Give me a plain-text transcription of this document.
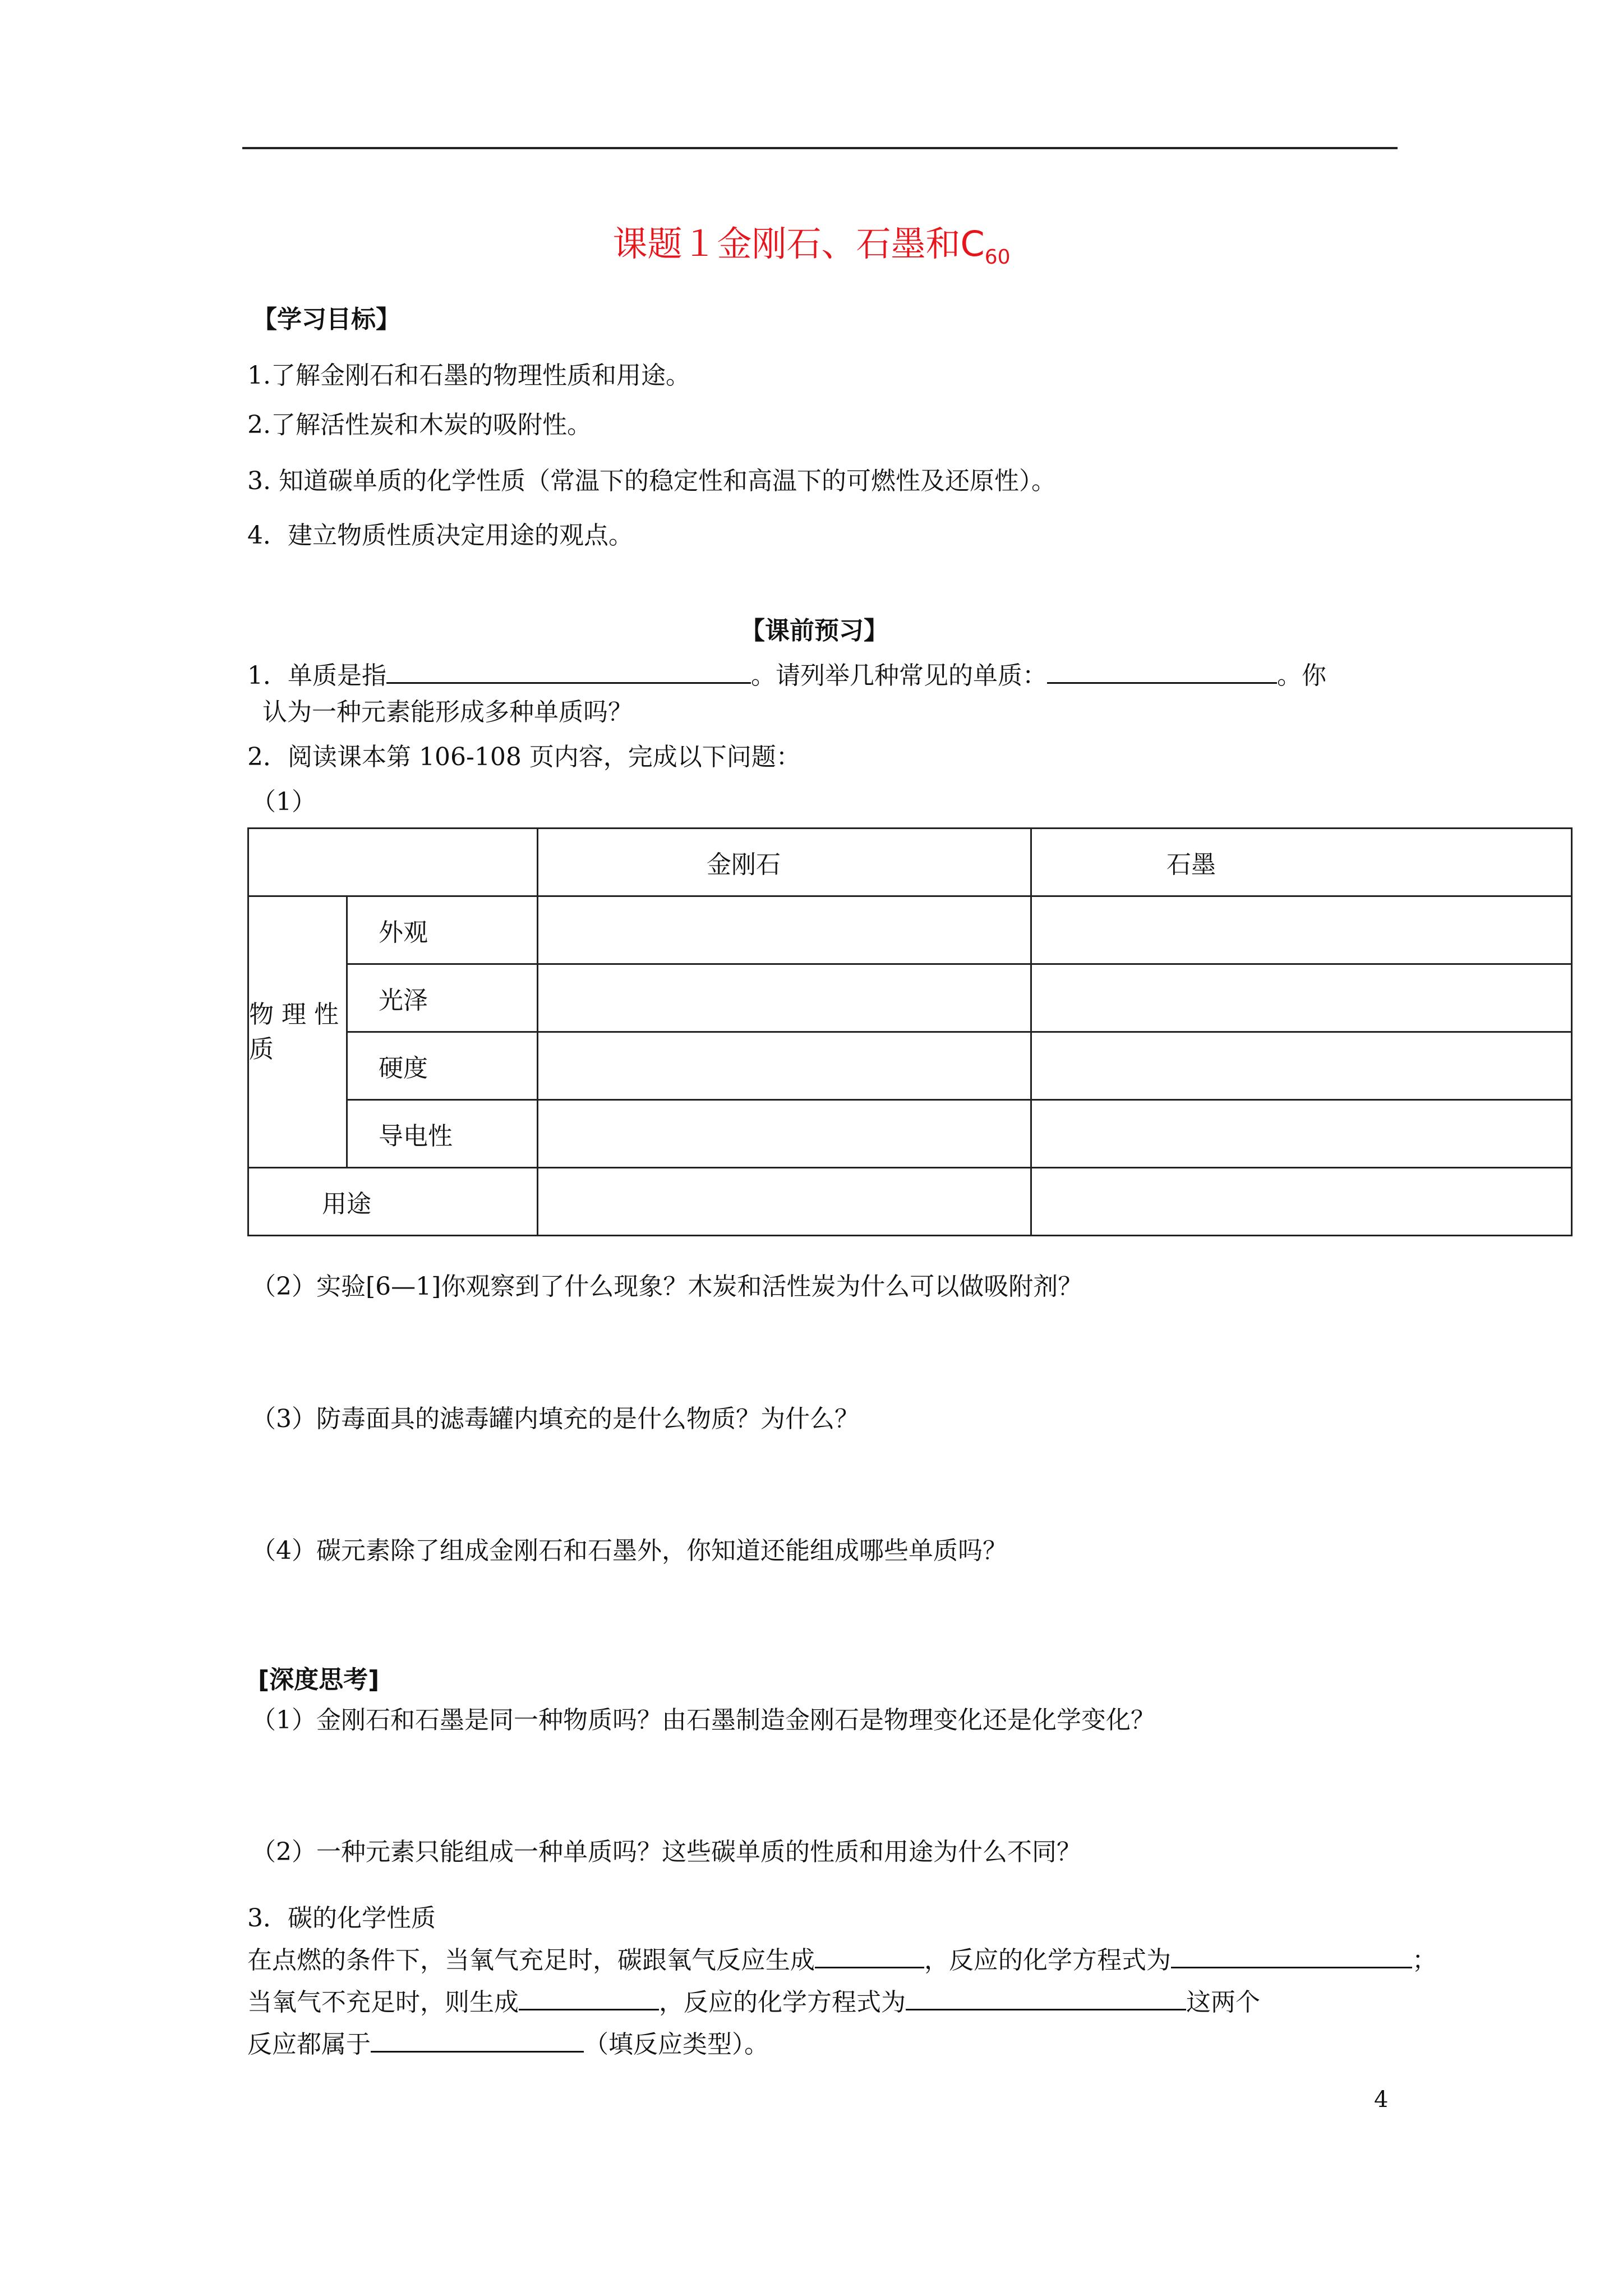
课题１金刚石、石墨和$C_{60}$
【学习目标】
1.了解金刚石和石墨的物理性质和用途。
2.了解活性炭和木炭的吸附性。
3. 知道碳单质的化学性质（常温下的稳定性和高温下的可燃性及还原性）。
4．建立物质性质决定用途的观点。
【课前预习】
1．单质是指	。请列举几种常见的单质：	。你
认为一种元素能形成多种单质吗？
2．阅读课本第 106-108 页内容，完成以下问题：
（1）
		金刚石	石墨
物 理 性质	外观		
	光泽		
	硬度		
	导电性		
用途			
（2）实验[6—1]你观察到了什么现象？木炭和活性炭为什么可以做吸附剂？
（3）防毒面具的滤毒罐内填充的是什么物质？为什么？
（4）碳元素除了组成金刚石和石墨外，你知道还能组成哪些单质吗？
[深度思考]
（1）金刚石和石墨是同一种物质吗？由石墨制造金刚石是物理变化还是化学变化？
（2）一种元素只能组成一种单质吗？这些碳单质的性质和用途为什么不同？
3．碳的化学性质
在点燃的条件下，当氧气充足时，碳跟氧气反应生成	，反应的化学方程式为	；
当氧气不充足时，则生成	，反应的化学方程式为	这两个
反应都属于	（填反应类型）。
4
